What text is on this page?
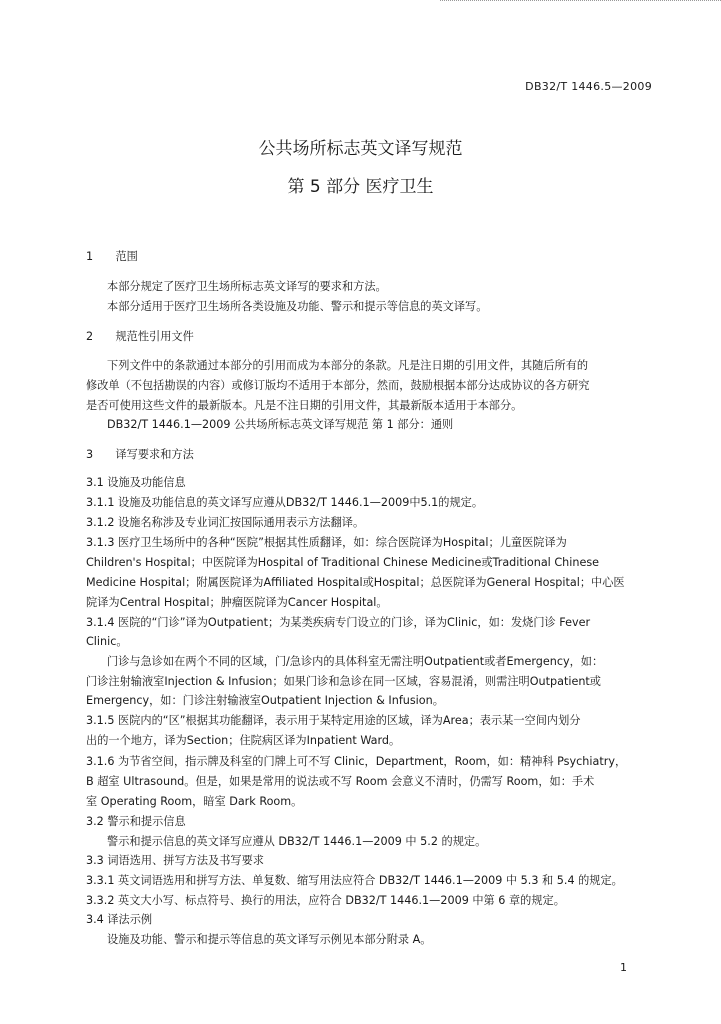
DB32/T 1446.5—2009
公共场所标志英文译写规范
第 5 部分 医疗卫生
1　　范围
本部分规定了医疗卫生场所标志英文译写的要求和方法。
本部分适用于医疗卫生场所各类设施及功能、警示和提示等信息的英文译写。
2　　规范性引用文件
下列文件中的条款通过本部分的引用而成为本部分的条款。凡是注日期的引用文件，其随后所有的
修改单（不包括勘误的内容）或修订版均不适用于本部分，然而，鼓励根据本部分达成协议的各方研究
是否可使用这些文件的最新版本。凡是不注日期的引用文件，其最新版本适用于本部分。
DB32/T 1446.1—2009 公共场所标志英文译写规范 第 1 部分：通则
3　　译写要求和方法
3.1 设施及功能信息
3.1.1 设施及功能信息的英文译写应遵从DB32/T 1446.1—2009中5.1的规定。
3.1.2 设施名称涉及专业词汇按国际通用表示方法翻译。
3.1.3 医疗卫生场所中的各种“医院”根据其性质翻译，如：综合医院译为Hospital；儿童医院译为
Children's Hospital；中医院译为Hospital of Traditional Chinese Medicine或Traditional Chinese
Medicine Hospital；附属医院译为Affiliated Hospital或Hospital；总医院译为General Hospital；中心医
院译为Central Hospital；肿瘤医院译为Cancer Hospital。
3.1.4 医院的“门诊”译为Outpatient；为某类疾病专门设立的门诊，译为Clinic，如：发烧门诊 Fever
Clinic。
门诊与急诊如在两个不同的区域，门/急诊内的具体科室无需注明Outpatient或者Emergency，如：
门诊注射输液室Injection & Infusion；如果门诊和急诊在同一区域，容易混淆，则需注明Outpatient或
Emergency，如：门诊注射输液室Outpatient Injection & Infusion。
3.1.5 医院内的“区”根据其功能翻译，表示用于某特定用途的区域，译为Area；表示某一空间内划分
出的一个地方，译为Section；住院病区译为Inpatient Ward。
3.1.6 为节省空间，指示牌及科室的门牌上可不写 Clinic，Department，Room，如：精神科 Psychiatry，
B 超室 Ultrasound。但是，如果是常用的说法或不写 Room 会意义不清时，仍需写 Room，如：手术
室 Operating Room，暗室 Dark Room。
3.2 警示和提示信息
警示和提示信息的英文译写应遵从 DB32/T 1446.1—2009 中 5.2 的规定。
3.3 词语选用、拼写方法及书写要求
3.3.1 英文词语选用和拼写方法、单复数、缩写用法应符合 DB32/T 1446.1—2009 中 5.3 和 5.4 的规定。
3.3.2 英文大小写、标点符号、换行的用法，应符合 DB32/T 1446.1—2009 中第 6 章的规定。
3.4 译法示例
设施及功能、警示和提示等信息的英文译写示例见本部分附录 A。
1
